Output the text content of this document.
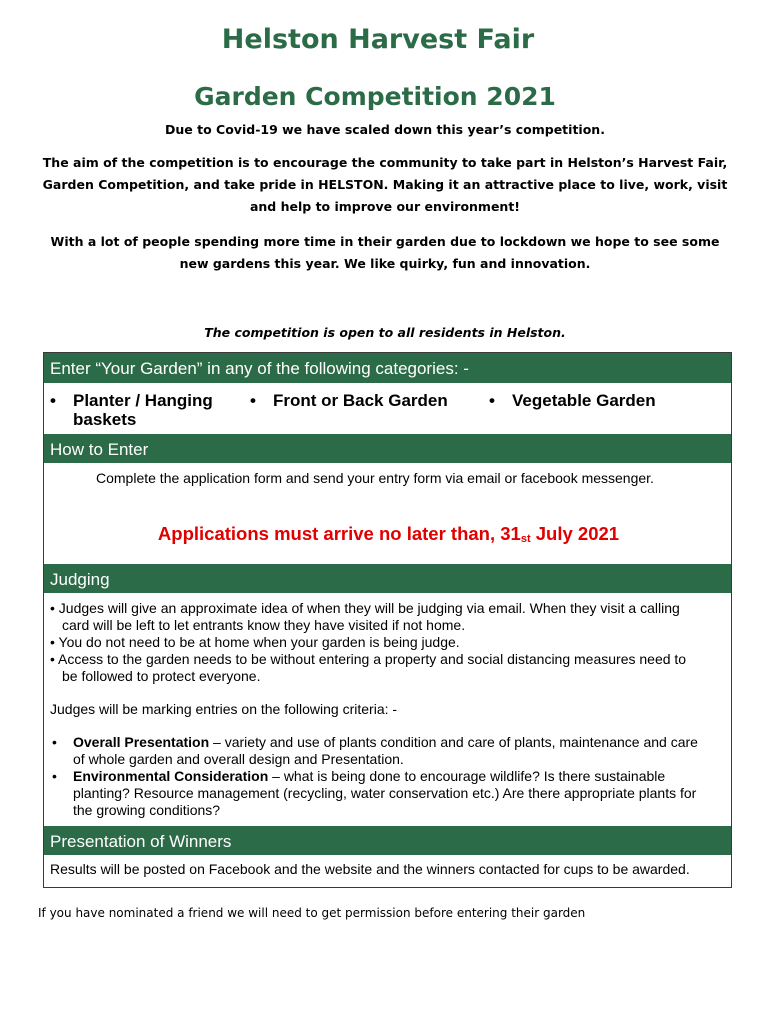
Helston Harvest Fair
Garden Competition 2021
Due to Covid-19 we have scaled down this year’s competition.
The aim of the competition is to encourage the community to take part in Helston’s Harvest Fair, Garden Competition, and take pride in HELSTON. Making it an attractive place to live, work, visit and help to improve our environment!
With a lot of people spending more time in their garden due to lockdown we hope to see some new gardens this year. We like quirky, fun and innovation.
The competition is open to all residents in Helston.
Enter “Your Garden” in any of the following categories: -
•	Planter / Hanging baskets
•	Front or Back Garden	•	Vegetable Garden
How to Enter
Complete the application form and send your entry form via email or facebook messenger.
Applications must arrive no later than, 31st July 2021
Judging
• Judges will give an approximate idea of when they will be judging via email. When they visit a calling card will be left to let entrants know they have visited if not home.
• You do not need to be at home when your garden is being judge.
• Access to the garden needs to be without entering a property and social distancing measures need to be followed to protect everyone.
Judges will be marking entries on the following criteria: -
• Overall Presentation – variety and use of plants condition and care of plants, maintenance and care of whole garden and overall design and Presentation.
• Environmental Consideration – what is being done to encourage wildlife? Is there sustainable planting? Resource management (recycling, water conservation etc.) Are there appropriate plants for the growing conditions?
Presentation of Winners
Results will be posted on Facebook and the website and the winners contacted for cups to be awarded.
If you have nominated a friend we will need to get permission before entering their garden
